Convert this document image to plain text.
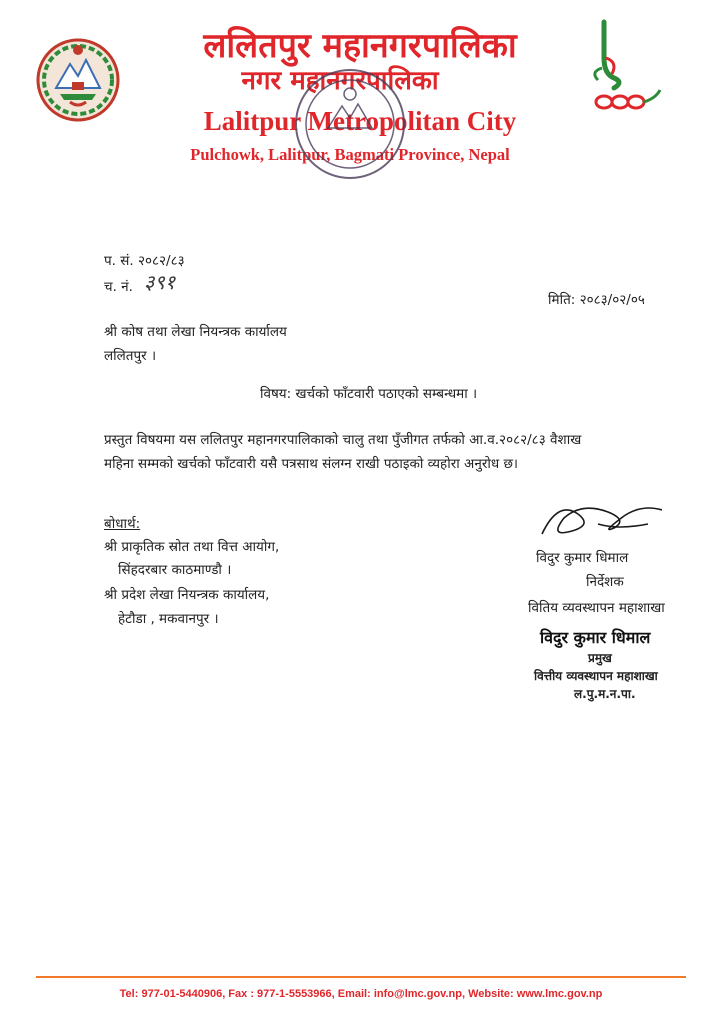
ललितपुर महानगरपालिका
नगर महानगरपालिका
Lalitpur Metropolitan City
Pulchowk, Lalitpur, Bagmati Province, Nepal
प. सं. २०८२/८३
च. नं. ३९१
मिति: २०८३/०२/०५
श्री कोष तथा लेखा नियन्त्रक कार्यालय
ललितपुर ।
विषय: खर्चको फाँटवारी पठाएको सम्बन्धमा ।
प्रस्तुत विषयमा यस ललितपुर महानगरपालिकाको चालु तथा पुँजीगत तर्फको आ.व.२०८२/८३ वैशाख
महिना सम्मको खर्चको फाँटवारी यसै पत्रसाथ संलग्न राखी पठाइको व्यहोरा अनुरोध छ।
बोधार्थ:
श्री प्राकृतिक स्रोत तथा वित्त आयोग,
सिंहदरबार काठमाण्डौ ।
श्री प्रदेश लेखा नियन्त्रक कार्यालय,
हेटौडा , मकवानपुर ।
विदुर कुमार धिमाल
निर्देशक
वितिय व्यवस्थापन महाशाखा
विदुर कुमार धिमाल
प्रमुख
वित्तीय व्यवस्थापन महाशाखा
ल.पु.म.न.पा.
Tel: 977-01-5440906, Fax : 977-1-5553966, Email: info@lmc.gov.np, Website: www.lmc.gov.np
